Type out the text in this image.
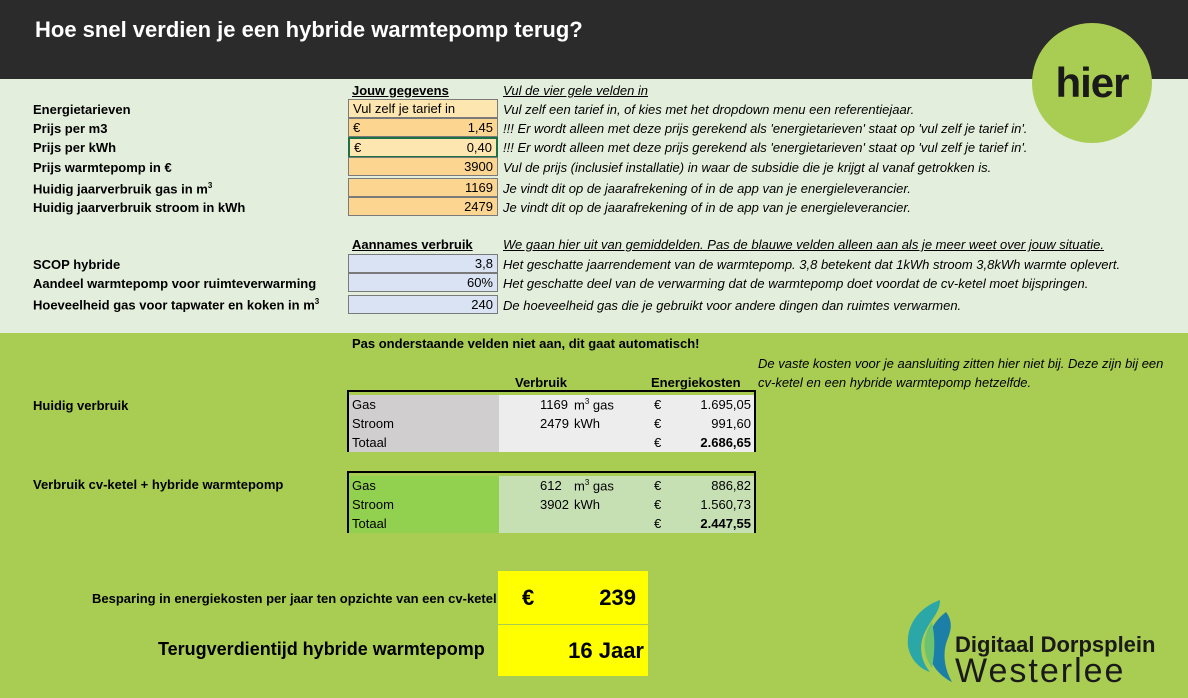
Hoe snel verdien je een hybride warmtepomp terug?
hier
Jouw gegevens	Vul de vier gele velden in
Energietarieven	Vul zelf je tarief in	Vul zelf een tarief in, of kies met het dropdown menu een referentiejaar.
Prijs per m3	€	1,45 !!! Er wordt alleen met deze prijs gerekend als 'energietarieven' staat op 'vul zelf je tarief in'.
Prijs per kWh	€	0,40 !!! Er wordt alleen met deze prijs gerekend als 'energietarieven' staat op 'vul zelf je tarief in'.
Prijs warmtepomp in €	3900 Vul de prijs (inclusief installatie) in waar de subsidie die je krijgt al vanaf getrokken is.
Huidig jaarverbruik gas in $m^3$	1169 Je vindt dit op de jaarafrekening of in de app van je energieleverancier.
Huidig jaarverbruik stroom in kWh	2479 Je vindt dit op de jaarafrekening of in de app van je energieleverancier.
Aannames verbruik We gaan hier uit van gemiddelden. Pas de blauwe velden alleen aan als je meer weet over jouw situatie.
SCOP hybride	3,8 Het geschatte jaarrendement van de warmtepomp. 3,8 betekent dat 1kWh stroom 3,8kWh warmte oplevert.
Aandeel warmtepomp voor ruimteverwarming	60% Het geschatte deel van de verwarming dat de warmtepomp doet voordat de cv-ketel moet bijspringen.
Hoeveelheid gas voor tapwater en koken in $m^3$	240 De hoeveelheid gas die je gebruikt voor andere dingen dan ruimtes verwarmen.
Pas onderstaande velden niet aan, dit gaat automatisch!
De vaste kosten voor je aansluiting zitten hier niet bij. Deze zijn bij een
cv-ketel en een hybride warmtepomp hetzelfde.
Verbruik	Energiekosten
Huidig verbruik	Gas	1169 $m^3$ gas	€	1.695,05
Stroom	2479 kWh	€	991,60
Totaal	€	2.686,65
Verbruik cv-ketel + hybride warmtepomp	Gas	612 $m^3$ gas	€	886,82
Stroom	3902 kWh	€	1.560,73
Totaal	€	2.447,55
Besparing in energiekosten per jaar ten opzichte van een cv-ketel €	239
Terugverdientijd hybride warmtepomp	16 Jaar	Digitaal Dorpsplein
Westerlee
